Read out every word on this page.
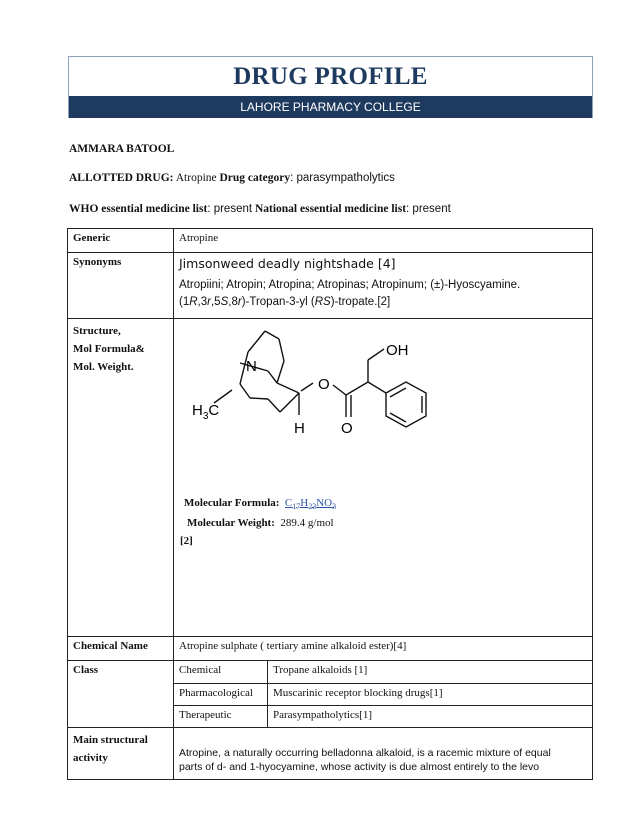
DRUG PROFILE
LAHORE PHARMACY COLLEGE
AMMARA BATOOL
ALLOTTED DRUG: Atropine Drug category: parasympatholytics
WHO essential medicine list: present National essential medicine list: present
Generic	Atropine
Synonyms	Jimsonweed deadly nightshade [4]
Atropiini; Atropin; Atropina; Atropinas; Atropinum; (±)-Hyoscyamine.
(1R,3r,5S,8r)-Tropan-3-yl (RS)-tropate.[2]

Structure,
Mol Formula&
Mol. Weight.	N
$H_3C$
O
O
OH
H
Molecular Formula: $C_{17}H_{23}NO_3$
Molecular Weight: 289.4 g/mol
[2]

Chemical Name	Atropine sulphate ( tertiary amine alkaloid ester)[4]
Class		Chemical	Tropane alkaloids [1]
Pharmacological	Muscarinic receptor blocking drugs[1]
Therapeutic	Parasympatholytics[1]

Main structural
activity	Atropine, a naturally occurring belladonna alkaloid, is a racemic mixture of equal
parts of d- and 1-hyocyamine, whose activity is due almost entirely to the levo
